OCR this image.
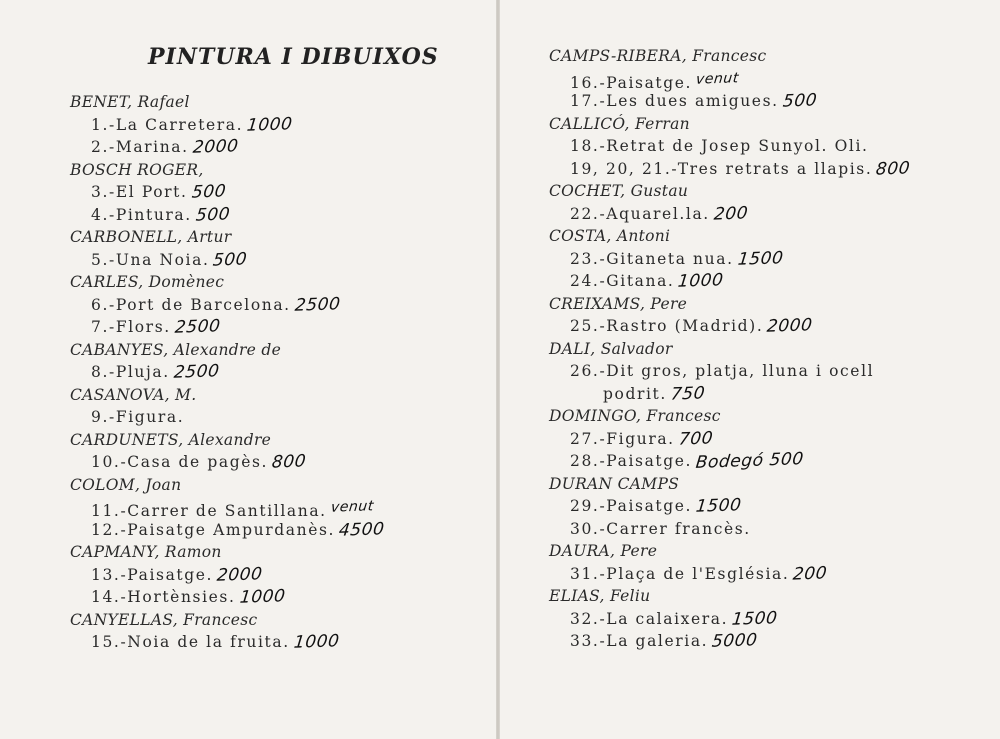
PINTURA I DIBUIXOS
BENET, Rafael
1.-La Carretera. 1000
2.-Marina. 2000
BOSCH ROGER,
3.-El Port. 500
4.-Pintura. 500
CARBONELL, Artur
5.-Una Noia. 500
CARLES, Domènec
6.-Port de Barcelona. 2500
7.-Flors. 2500
CABANYES, Alexandre de
8.-Pluja. 2500
CASANOVA, M.
9.-Figura.
CARDUNETS, Alexandre
10.-Casa de pagès. 800
COLOM, Joan
11.-Carrer de Santillana. venut
12.-Paisatge Ampurdanès. 4500
CAPMANY, Ramon
13.-Paisatge. 2000
14.-Hortènsies. 1000
CANYELLAS, Francesc
15.-Noia de la fruita. 1000
CAMPS-RIBERA, Francesc
16.-Paisatge. venut
17.-Les dues amigues. 500
CALLICÓ, Ferran
18.-Retrat de Josep Sunyol. Oli.
19, 20, 21.-Tres retrats a llapis. 800
COCHET, Gustau
22.-Aquarel.la. 200
COSTA, Antoni
23.-Gitaneta nua. 1500
24.-Gitana. 1000
CREIXAMS, Pere
25.-Rastro (Madrid). 2000
DALI, Salvador
26.-Dit gros, platja, lluna i ocell
podrit. 750
DOMINGO, Francesc
27.-Figura. 700
28.-Paisatge. Bodegó 500
DURAN CAMPS
29.-Paisatge. 1500
30.-Carrer francès.
DAURA, Pere
31.-Plaça de l'Església. 200
ELIAS, Feliu
32.-La calaixera. 1500
33.-La galeria. 5000
